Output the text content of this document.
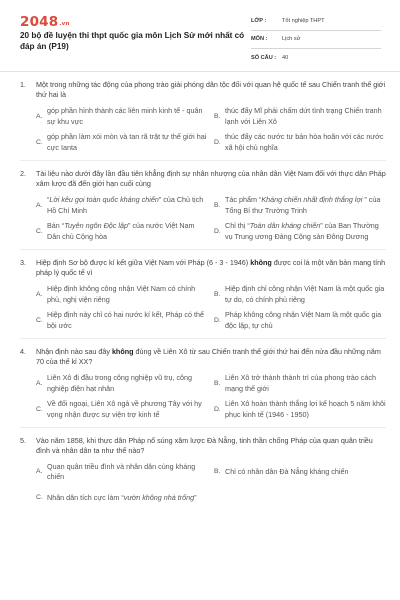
2048.vn
20 bộ đề luyện thi thpt quốc gia môn Lịch Sử mới nhất có đáp án (P19)
LỚP :	Tốt nghiệp THPT
MÔN :	Lịch sử
SỐ CÂU :	40
1.	Một trong những tác động của phong trào giải phóng dân tộc đối với quan hệ quốc tế sau Chiến tranh thế giới thứ hai là
A.
góp phần hình thành các liên minh kinh tế - quân sự khu vực
B.
thúc đẩy Mĩ phải chấm dứt tình trạng Chiến tranh lạnh với Liên Xô
C.
góp phần làm xói mòn và tan rã trật tự thế giới hai cực Ianta
D.
thúc đẩy các nước tư bản hòa hoãn với các nước xã hội chủ nghĩa
2.	Tài liệu nào dưới đây lần đầu tiên khẳng định sự nhân nhượng của nhân dân Việt Nam đối với thực dân Pháp xâm lược đã đến giới hạn cuối cùng
A.
“Lời kêu gọi toàn quốc kháng chiến” của Chủ tịch Hồ Chí Minh
B.
Tác phẩm “Kháng chiến nhất định thắng lợi ” của Tổng Bí thư Trường Trinh
C.
Bản “Tuyên ngôn Độc lập” của nước Việt Nam Dân chủ Cộng hòa
D.
Chỉ thị “Toàn dân kháng chiến” của Ban Thường vụ Trung ương Đảng Cộng sản Đông Dương
3.	Hiệp định Sơ bộ được kí kết giữa Việt Nam với Pháp (6 - 3 - 1946) không được coi là một văn bản mang tính pháp lý quốc tế vì
A.
Hiệp định không công nhận Việt Nam có chính phủ, nghị viện riêng
B.
Hiệp định chỉ công nhận Việt Nam là một quốc gia tự do, có chính phủ riêng
C.
Hiệp định này chỉ có hai nước kí kết, Pháp có thể bội ước
D.
Pháp không công nhận Việt Nam là một quốc gia độc lập, tự chủ
4.	Nhận định nào sau đây không đúng về Liên Xô từ sau Chiến tranh thế giới thứ hai đến nửa đầu những năm 70 của thế kỉ XX?
A.
Liên Xô đi đầu trong công nghiệp vũ trụ, công nghiệp điện hạt nhân
B.
Liên Xô trở thành thành trì của phong trào cách mạng thế giới
C.
Về đối ngoại, Liên Xô ngả về phương Tây với hy vọng nhận được sự viện trợ kinh tế
D.
Liên Xô hoàn thành thắng lợi kế hoạch 5 năm khôi phục kinh tế (1946 - 1950)
5.	Vào năm 1858, khi thực dân Pháp nổ súng xâm lược Đà Nẵng, tinh thần chống Pháp của quan quân triều đình và nhân dân ta như thế nào?
A.
Quan quân triều đình và nhân dân cùng kháng chiến
B. Chỉ có nhân dân Đà Nẵng kháng chiến
C. Nhân dân tích cực làm “vườn không nhà trống”
